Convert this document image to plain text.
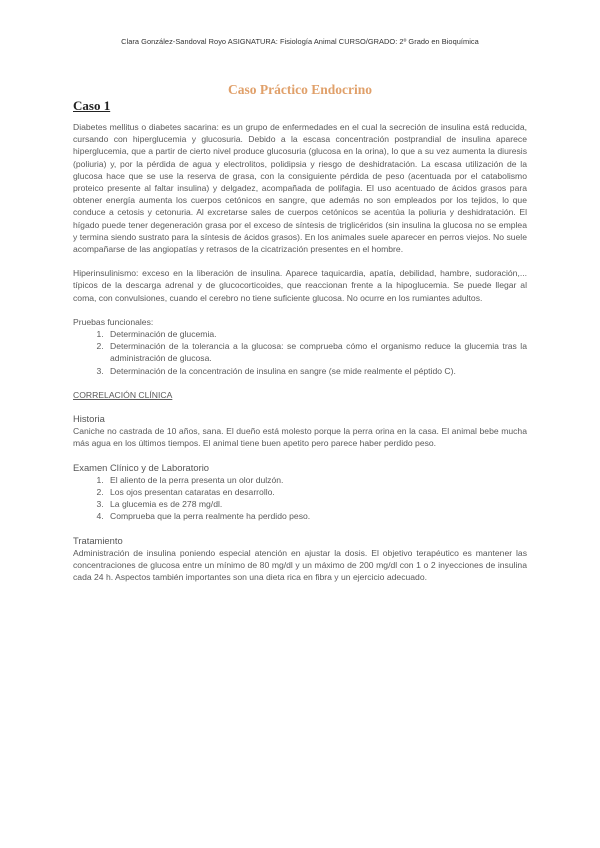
Clara González-Sandoval Royo ASIGNATURA: Fisiología Animal CURSO/GRADO: 2º Grado en Bioquímica
Caso Práctico Endocrino
Caso 1

Diabetes mellitus o diabetes sacarina: es un grupo de enfermedades en el cual la secreción de insulina está reducida, cursando con hiperglucemia y glucosuria. Debido a la escasa concentración postprandial de insulina aparece hiperglucemia, que a partir de cierto nivel produce glucosuria (glucosa en la orina), lo que a su vez aumenta la diuresis (poliuria) y, por la pérdida de agua y electrolitos, polidipsia y riesgo de deshidratación. La escasa utilización de la glucosa hace que se use la reserva de grasa, con la consiguiente pérdida de peso (acentuada por el catabolismo proteico presente al faltar insulina) y delgadez, acompañada de polifagia. El uso acentuado de ácidos grasos para obtener energía aumenta los cuerpos cetónicos en sangre, que además no son empleados por los tejidos, lo que conduce a cetosis y cetonuria. Al excretarse sales de cuerpos cetónicos se acentúa la poliuria y deshidratación. El hígado puede tener degeneración grasa por el exceso de síntesis de triglicéridos (sin insulina la glucosa no se emplea y termina siendo sustrato para la síntesis de ácidos grasos). En los animales suele aparecer en perros viejos. No suele acompañarse de las angiopatías y retrasos de la cicatrización presentes en el hombre.

Hiperinsulinismo: exceso en la liberación de insulina. Aparece taquicardia, apatía, debilidad, hambre, sudoración,... típicos de la descarga adrenal y de glucocorticoides, que reaccionan frente a la hipoglucemia. Se puede llegar al coma, con convulsiones, cuando el cerebro no tiene suficiente glucosa. No ocurre en los rumiantes adultos.

Pruebas funcionales:

1. Determinación de glucemia.
2. Determinación de la tolerancia a la glucosa: se comprueba cómo el organismo reduce la glucemia tras la administración de glucosa.
3. Determinación de la concentración de insulina en sangre (se mide realmente el péptido C).

CORRELACIÓN CLÍNICA

Historia

Caniche no castrada de 10 años, sana. El dueño está molesto porque la perra orina en la casa. El animal bebe mucha más agua en los últimos tiempos. El animal tiene buen apetito pero parece haber perdido peso.

Examen Clínico y de Laboratorio

1. El aliento de la perra presenta un olor dulzón.
2. Los ojos presentan cataratas en desarrollo.
3. La glucemia es de 278 mg/dl.
4. Comprueba que la perra realmente ha perdido peso.

Tratamiento

Administración de insulina poniendo especial atención en ajustar la dosis. El objetivo terapéutico es mantener las concentraciones de glucosa entre un mínimo de 80 mg/dl y un máximo de 200 mg/dl con 1 o 2 inyecciones de insulina cada 24 h. Aspectos también importantes son una dieta rica en fibra y un ejercicio adecuado.
